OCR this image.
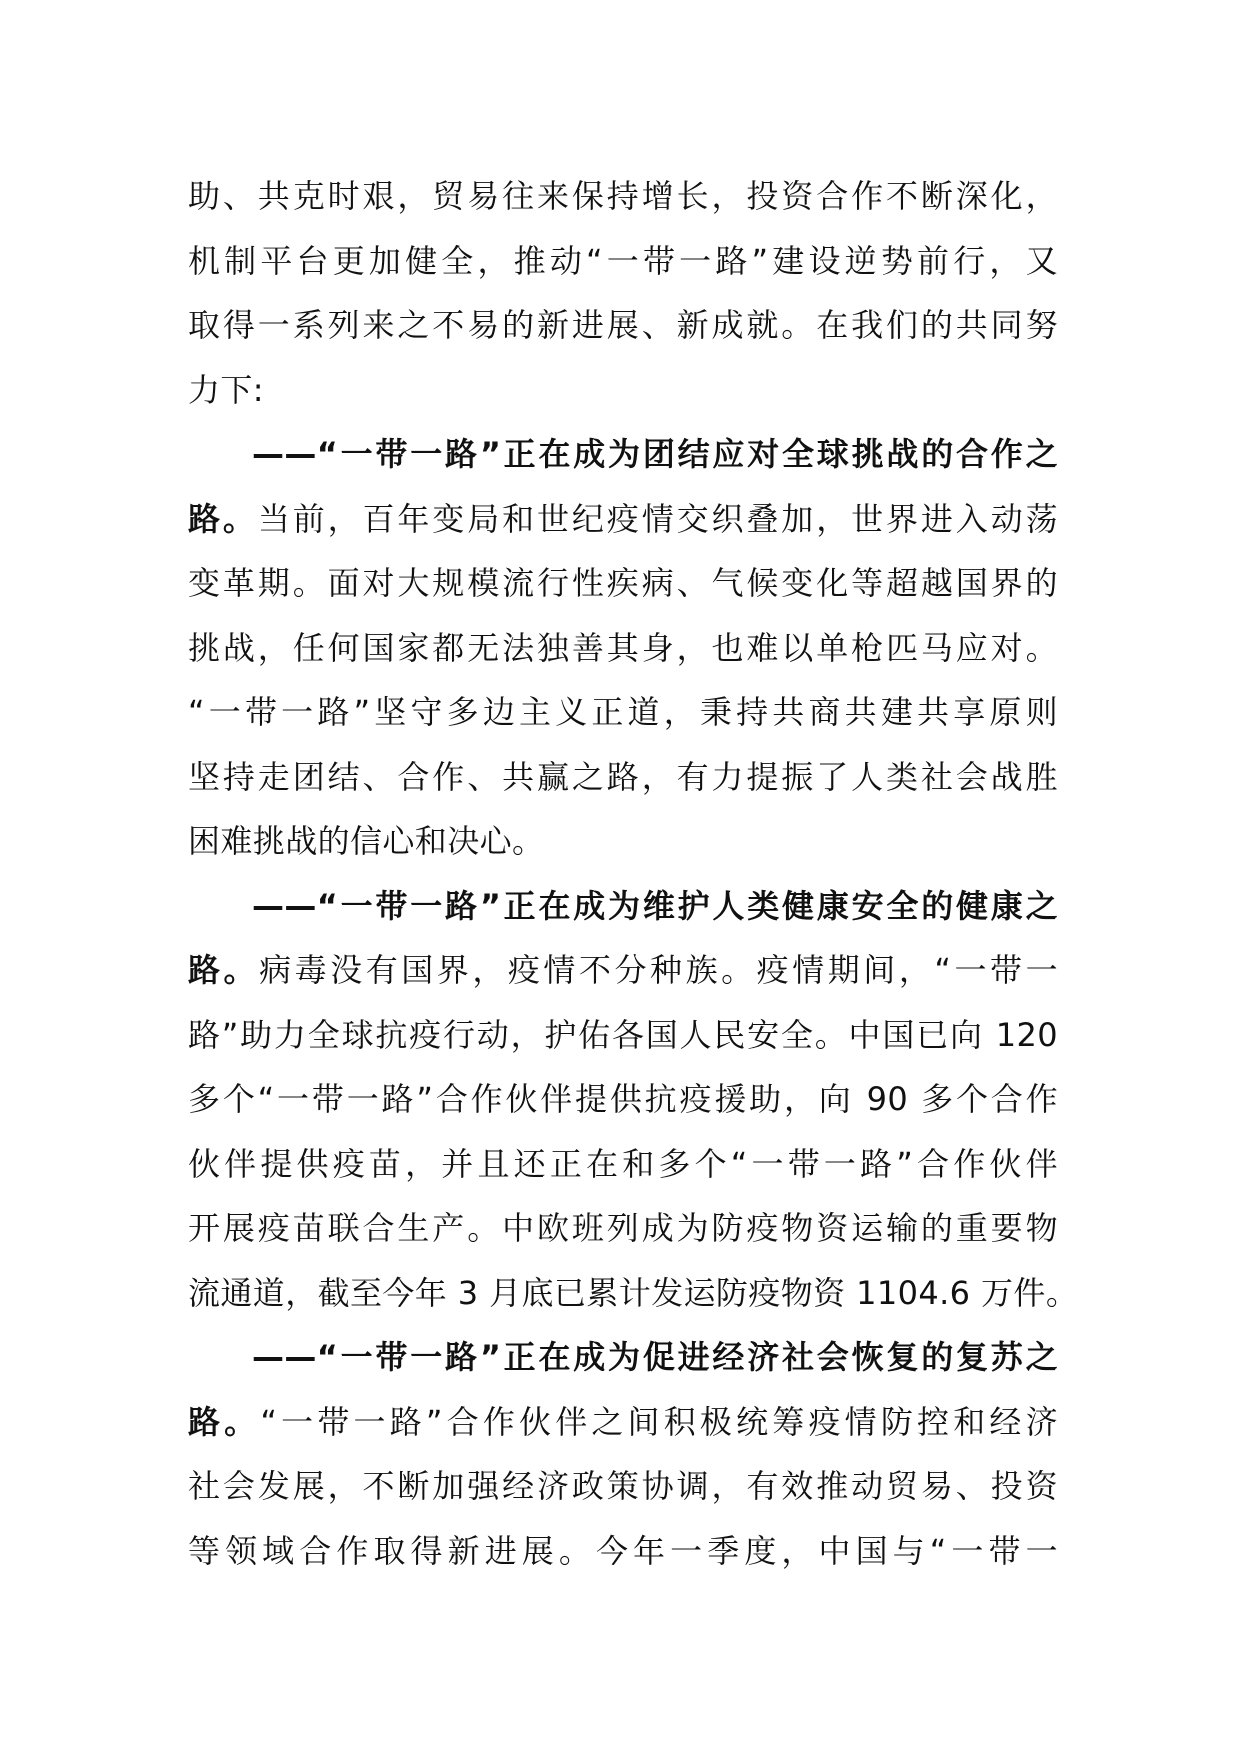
助、共克时艰，贸易往来保持增长，投资合作不断深化，
机制平台更加健全，推动“一带一路”建设逆势前行，又
取得一系列来之不易的新进展、新成就。在我们的共同努
力下:
——“一带一路”正在成为团结应对全球挑战的合作之
路。当前，百年变局和世纪疫情交织叠加，世界进入动荡
变革期。面对大规模流行性疾病、气候变化等超越国界的
挑战，任何国家都无法独善其身，也难以单枪匹马应对。
“一带一路”坚守多边主义正道，秉持共商共建共享原则
坚持走团结、合作、共赢之路，有力提振了人类社会战胜
困难挑战的信心和决心。
——“一带一路”正在成为维护人类健康安全的健康之
路。病毒没有国界，疫情不分种族。疫情期间，“一带一
路”助力全球抗疫行动，护佑各国人民安全。中国已向 120
多个“一带一路”合作伙伴提供抗疫援助，向 90 多个合作
伙伴提供疫苗，并且还正在和多个“一带一路”合作伙伴
开展疫苗联合生产。中欧班列成为防疫物资运输的重要物
流通道，截至今年 3 月底已累计发运防疫物资 1104.6 万件。
——“一带一路”正在成为促进经济社会恢复的复苏之
路。“一带一路”合作伙伴之间积极统筹疫情防控和经济
社会发展，不断加强经济政策协调，有效推动贸易、投资
等领域合作取得新进展。今年一季度，中国与“一带一
